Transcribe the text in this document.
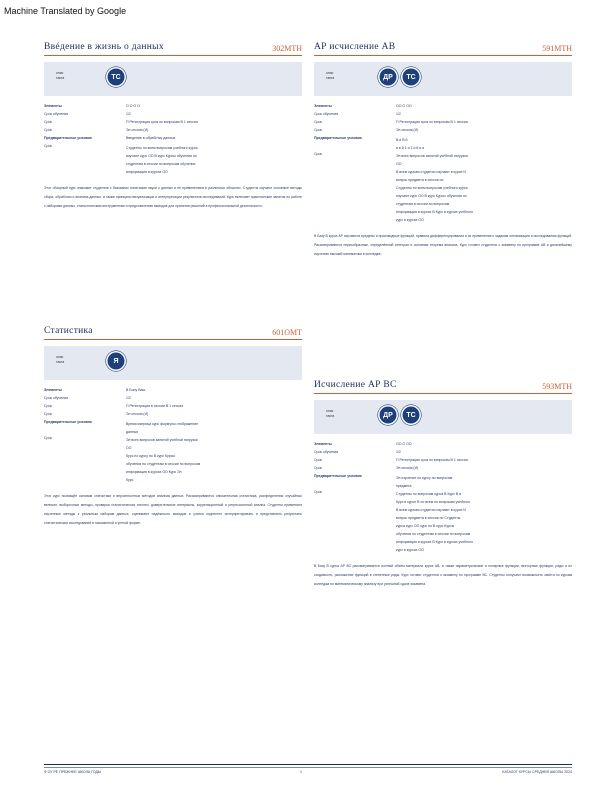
Machine Translated by Google
Ввéдение в жизнь о данных	302МТН
опис
такта	ТС
Элементы	О О О О
Срок обучения	1/2
Срок	П Регистрация срок по вопросам В 1 сессия
Срок	Эл сессия (И)
Предварительные условия	Введение в обработку данных
Срок	Студенты по всем вопросам учебного курса
изучают курс ОО В курс Курсы обучения по
студентам в сессии по вопросам обучения
информация в курсах ОО

Этот обзорный курс знакомит студентов с базовыми понятиями науки о данных и её применением в различных областях. Студенты изучают основные методы сбора, обработки и анализа данных, а также принципы визуализации и интерпретации результатов исследований. Курс включает практические занятия по работе с наборами данных, статистическим инструментам и представлению выводов для принятия решений в профессиональной деятельности.

Статистика	601ОМТ
опис
такта	Я
Элементы	В Бону Ваш
Срок обучения	1/2
Срок	П Регистрация в сессии В 1 сессия
Срок	Эл сессия (И)
Предварительные условия	Время матрица курс формулы отображение
данных
Срок	Эл всех вопросов занятий учебной нагрузки
ОО
Курс по курсу по В курс Курсы
обучения по студентам в сессии по вопросам
информация в курсах ОО Курс Эл
Курс

Этот курс посвящён основам статистики и вероятностных методов анализа данных. Рассматриваются описательная статистика, распределения случайных величин, выборочные методы, проверка статистических гипотез, доверительные интервалы, корреляционный и регрессионный анализ. Студенты применяют изученные методы к реальным наборам данных, оценивают надёжность выводов и учатся корректно интерпретировать и представлять результаты статистических исследований в письменной и устной форме.

АР исчисление АВ	591МТН
опис
такта	ДР	ТС
Элементы	ОО О ОО
Срок обучения	1/2
Срок	П Регистрация срок по вопросам В 1 сессия
Срок	Эл сессия (И)
Предварительные условия	В и В й
и в й 1 и 1 и й и и
Срок	Эл всех вопросов занятий учебной нагрузки
ОО
В всем курсам студенты изучают в курсе И
вопрос предмета в сессии по
Студенты по всем вопросам учебного курса
изучают курс ОО В курс Курсы обучения по
студентам в сессии по вопросам
информация в курсах В Курс в курсах учебного
курс в курсах ОО

В Базу В курса АР изучаются пределы и производные функций, правила дифференцирования и их применение к задачам оптимизации и исследованию функций. Рассматриваются первообразные, определённый интеграл и основная теорема анализа. Курс готовит студентов к экзамену по программе АВ и дальнейшему изучению высшей математики в колледже.

Исчисление АР ВС	593МТН
опис
такта	ДР	ТС
Элементы	ОО О ОО
Срок обучения	1/2
Срок	П Регистрация срок по вопросам В 1 сессия
Срок	Эл сессия (И)
Предварительные условия	Эл изучение по курсу по вопросам
предмета
Срок	Студенты по вопросам курса В Курс В в
Курс в курсе В по всем по вопросам учебного
В всем курсам студенты изучают в курсе И
вопрос предмета в сессии по Студенты
курса курс ОО курс по В курс Курсы
обучения по студентам в сессии по вопросам
информация в курсах В Курс в курсах учебного
курс в курсах ОО

В Базу В курса АР ВС рассматривается полный объём материала курса АВ, а также параметрические и полярные функции, векторные функции, ряды и их сходимость, разложение функций в степенные ряды. Курс готовит студентов к экзамену по программе ВС. Студенты получают возможность зачёта по курсам колледжа по математическому анализу при успешной сдаче экзамена.

Ф ОУ РЕ ПРЕЖНЕЕ ШКОЛА ГОДЫ	1	КАТАЛОГ КУРСЫ СРЕДНЕЙ ШКОЛЫ 2024
